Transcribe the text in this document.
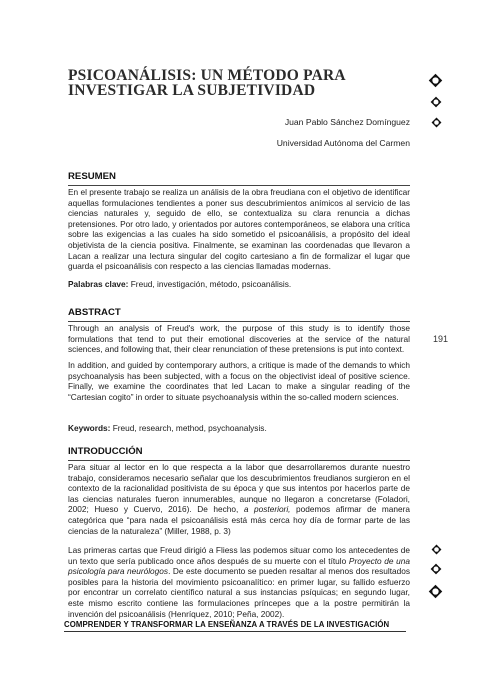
PSICOANÁLISIS: UN MÉTODO PARA
INVESTIGAR LA SUBJETIVIDAD
Juan Pablo Sánchez Domínguez
Universidad Autónoma del Carmen
RESUMEN

En el presente trabajo se realiza un análisis de la obra freudiana con el objetivo de identificar aquellas formulaciones tendientes a poner sus descubrimientos anímicos al servicio de las ciencias naturales y, seguido de ello, se contextualiza su clara renuncia a dichas pretensiones. Por otro lado, y orientados por autores contemporáneos, se elabora una crítica sobre las exigencias a las cuales ha sido sometido el psicoanálisis, a propósito del ideal objetivista de la ciencia positiva. Finalmente, se examinan las coordenadas que llevaron a Lacan a realizar una lectura singular del cogito cartesiano a fin de formalizar el lugar que guarda el psicoanálisis con respecto a las ciencias llamadas modernas.

Palabras clave: Freud, investigación, método, psicoanálisis.
ABSTRACT

Through an analysis of Freud's work, the purpose of this study is to identify those formulations that tend to put their emotional discoveries at the service of the natural sciences, and following that, their clear renunciation of these pretensions is put into context.

In addition, and guided by contemporary authors, a critique is made of the demands to which psychoanalysis has been subjected, with a focus on the objectivist ideal of positive science. Finally, we examine the coordinates that led Lacan to make a singular reading of the “Cartesian cogito” in order to situate psychoanalysis within the so-called modern sciences.

Keywords: Freud, research, method, psychoanalysis.
191
INTRODUCCIÓN

Para situar al lector en lo que respecta a la labor que desarrollaremos durante nuestro trabajo, consideramos necesario señalar que los descubrimientos freudianos surgieron en el contexto de la racionalidad positivista de su época y que sus intentos por hacerlos parte de las ciencias naturales fueron innumerables, aunque no llegaron a concretarse (Foladori, 2002; Hueso y Cuervo, 2016). De hecho, a posteriori, podemos afirmar de manera categórica que “para nada el psicoanálisis está más cerca hoy día de formar parte de las ciencias de la naturaleza” (Miller, 1988, p. 3)

Las primeras cartas que Freud dirigió a Fliess las podemos situar como los antecedentes de un texto que sería publicado once años después de su muerte con el título Proyecto de una psicología para neurólogos. De este documento se pueden resaltar al menos dos resultados posibles para la historia del movimiento psicoanalítico: en primer lugar, su fallido esfuerzo por encontrar un correlato científico natural a sus instancias psíquicas; en segundo lugar, este mismo escrito contiene las formulaciones príncepes que a la postre permitirán la invención del psicoanálisis (Henríquez, 2010; Peña, 2002).

COMPRENDER Y TRANSFORMAR LA ENSEÑANZA A TRAVÉS DE LA INVESTIGACIÓN
